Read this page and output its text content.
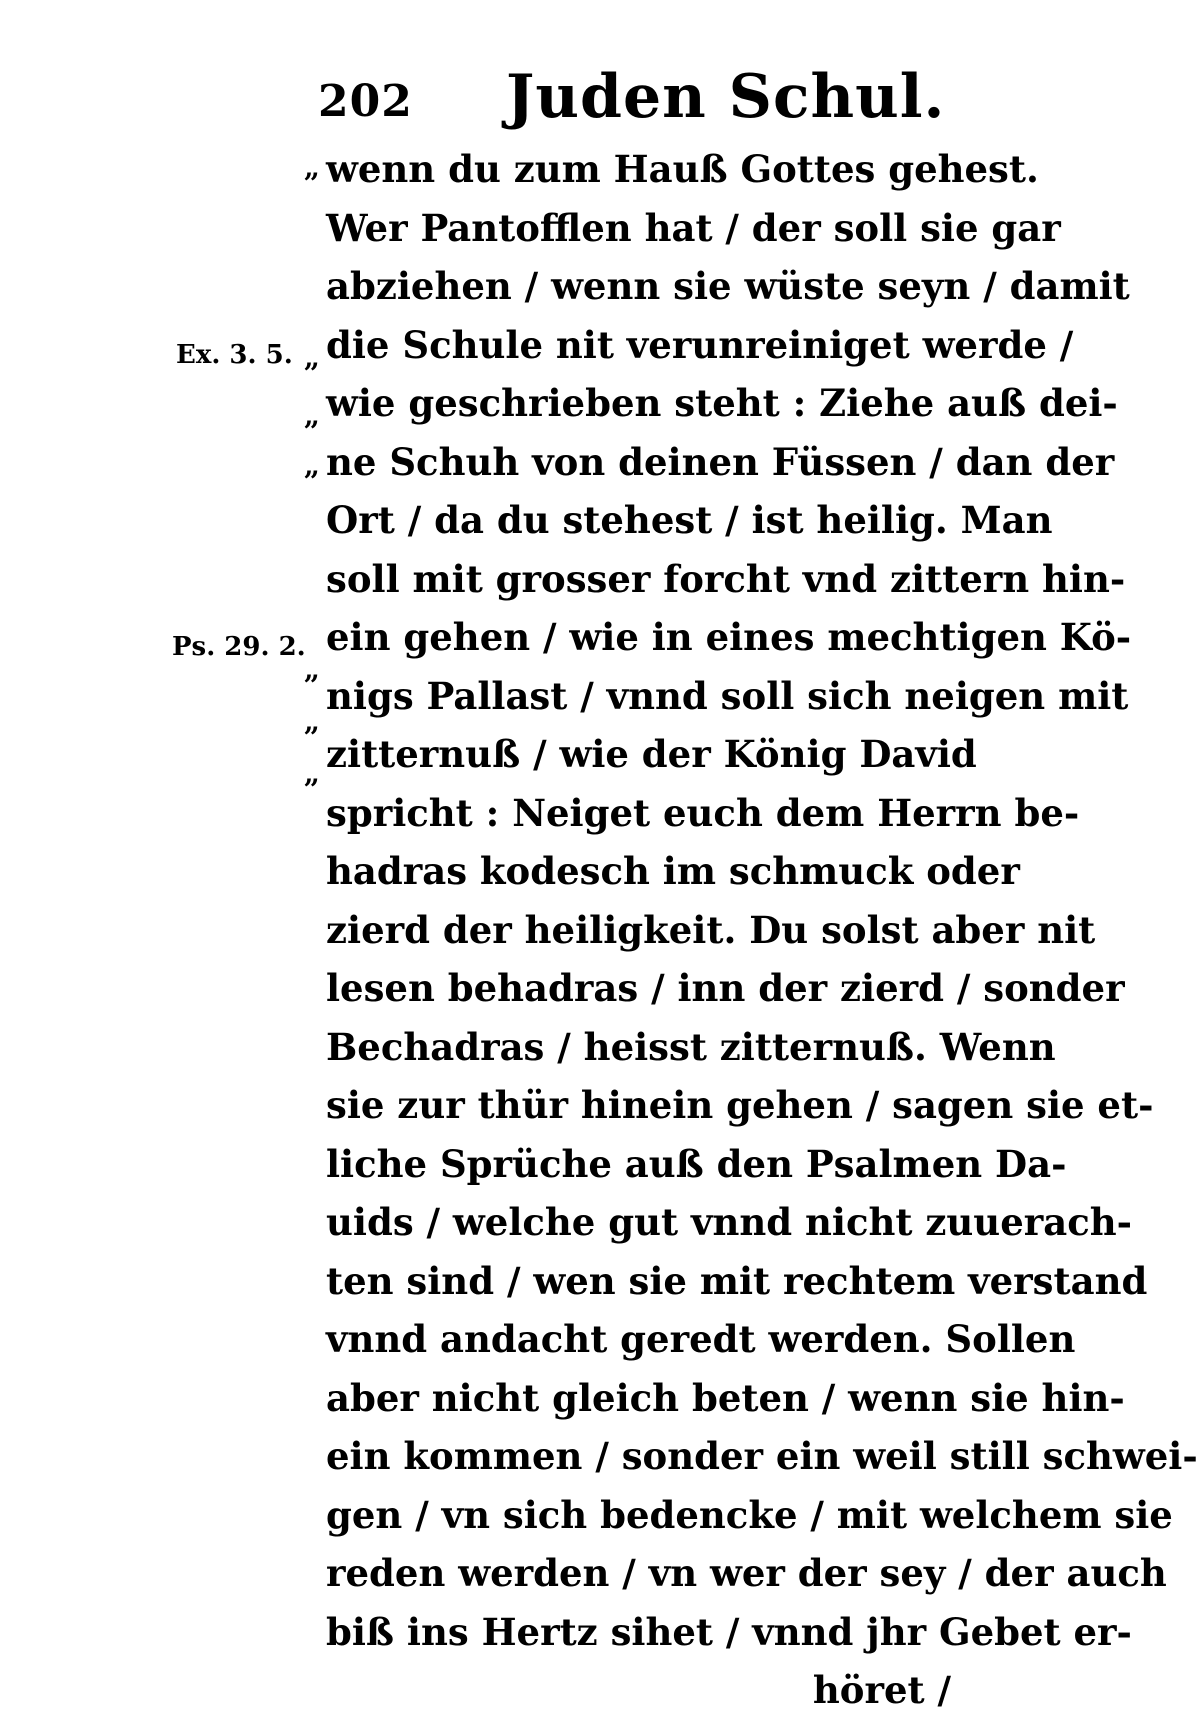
202 Juden Schul.
Ex. 3. 5.
Ps. 29. 2.
„
„
„
„
„
„
„
wenn du zum Hauß Gottes gehest.
Wer Pantofflen hat / der soll sie gar
abziehen / wenn sie wüste seyn / damit
die Schule nit verunreiniget werde /
wie geschrieben steht : Ziehe auß dei-
ne Schuh von deinen Füssen / dan der
Ort / da du stehest / ist heilig. Man
soll mit grosser forcht vnd zittern hin-
ein gehen / wie in eines mechtigen Kö-
nigs Pallast / vnnd soll sich neigen mit
zitternuß / wie der König David
spricht : Neiget euch dem Herrn be-
hadras kodesch im schmuck oder
zierd der heiligkeit. Du solst aber nit
lesen behadras / inn der zierd / sonder
Bechadras / heisst zitternuß. Wenn
sie zur thür hinein gehen / sagen sie et-
liche Sprüche auß den Psalmen Da-
uids / welche gut vnnd nicht zuuerach-
ten sind / wen sie mit rechtem verstand
vnnd andacht geredt werden. Sollen
aber nicht gleich beten / wenn sie hin-
ein kommen / sonder ein weil still schwei-
gen / vn sich bedencke / mit welchem sie
reden werden / vn wer der sey / der auch
biß ins Hertz sihet / vnnd jhr Gebet er-
höret /
